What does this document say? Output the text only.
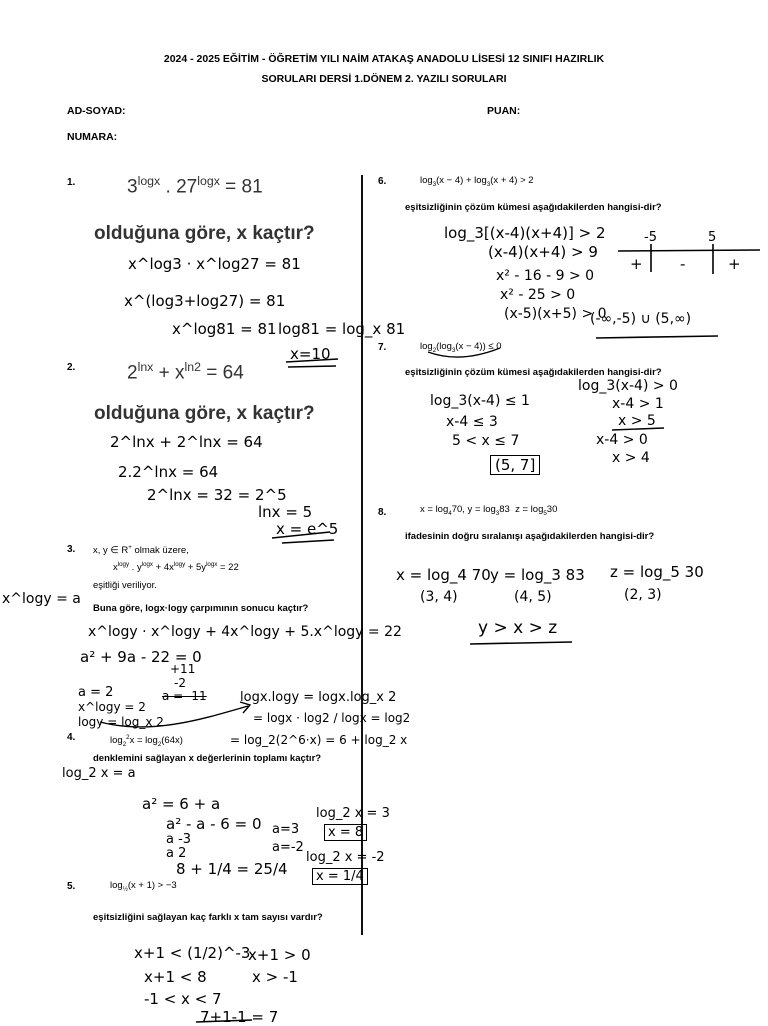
2024 - 2025 EĞİTİM - ÖĞRETİM YILI NAİM ATAKAŞ ANADOLU LİSESİ 12 SINIFI HAZIRLIK
SORULARI DERSİ 1.DÖNEM 2. YAZILI SORULARI
AD-SOYAD:	PUAN:
NUMARA:
1.	$3^{logx}$ . $27^{logx} = 81$
olduğuna göre, x kaçtır?
2.	$2^{lnx} + x^{ln2} = 64$
olduğuna göre, x kaçtır?
3. x, y ∈ R+ olmak üzere,
$x^{logy}$ . $y^{logx} + 4x^{logy} + 5y^{logx} = 22$
eşitliği veriliyor.
Buna göre, logx·logy çarpımının sonucu kaçtır?
4.	$\log_2^2x = \log_2(64x)$
denklemini sağlayan x değerlerinin toplamı kaçtır?
5.	$\log_{\frac{1}{2}}(x + 1) > -3$
eşitsizliğini sağlayan kaç farklı x tam sayısı vardır?
6.	$\log_3(x - 4) + \log_3(x + 4) > 2$
eşitsizliğinin çözüm kümesi aşağıdakilerden hangisi-dir?
7.	$\log_2(\log_3(x - 4)) \le 0$
eşitsizliğinin çözüm kümesi aşağıdakilerden hangisi-dir?
8.	$x = \log_470$, $y = \log_383$  $z = \log_530$
ifadesinin doğru sıralanışı aşağıdakilerden hangisi-dir?
x^log3 · x^log27 = 81
x^(log3+log27) = 81
x^log81 = 81 log81 = log_x 81
x=10
2^lnx + 2^lnx = 64
2.2^lnx = 64
2^lnx = 32 = 2^5
lnx = 5
x = e^5
x^logy = a
x^logy · x^logy + 4x^logy + 5.x^logy = 22
a² + 9a - 22 = 0
+11
-2
a = -11
a = 2
x^logy = 2
logy = log_x 2
logx.logy = logx.log_x 2
= logx · log2 / logx = log2
= log_2(2^6·x) = 6 + log_2 x
log_2 x = a
a² = 6 + a
a² - a - 6 = 0
a -3
a 2
8 + 1/4 = 25/4
a=3
a=-2
log_2 x = 3
x = 8
log_2 x = -2
x = 1/4
x+1 < (1/2)^-3
x+1 < 8
-1 < x < 7
7+1-1 = 7
x+1 > 0
x > -1
log_3[(x-4)(x+4)] > 2
(x-4)(x+4) > 9
x² - 16 - 9 > 0
x² - 25 > 0
(x-5)(x+5) > 0
(-∞,-5) ∪ (5,∞)
-5	5
+ -	+
log_3(x-4) ≤ 1
x-4 ≤ 3
5 < x ≤ 7
(5, 7]
log_3(x-4) > 0
x-4 > 1
x > 5
x-4 > 0
x > 4
x = log_4 70
(3, 4)
y = log_3 83
(4, 5)
z = log_5 30
(2, 3)
y > x > z
